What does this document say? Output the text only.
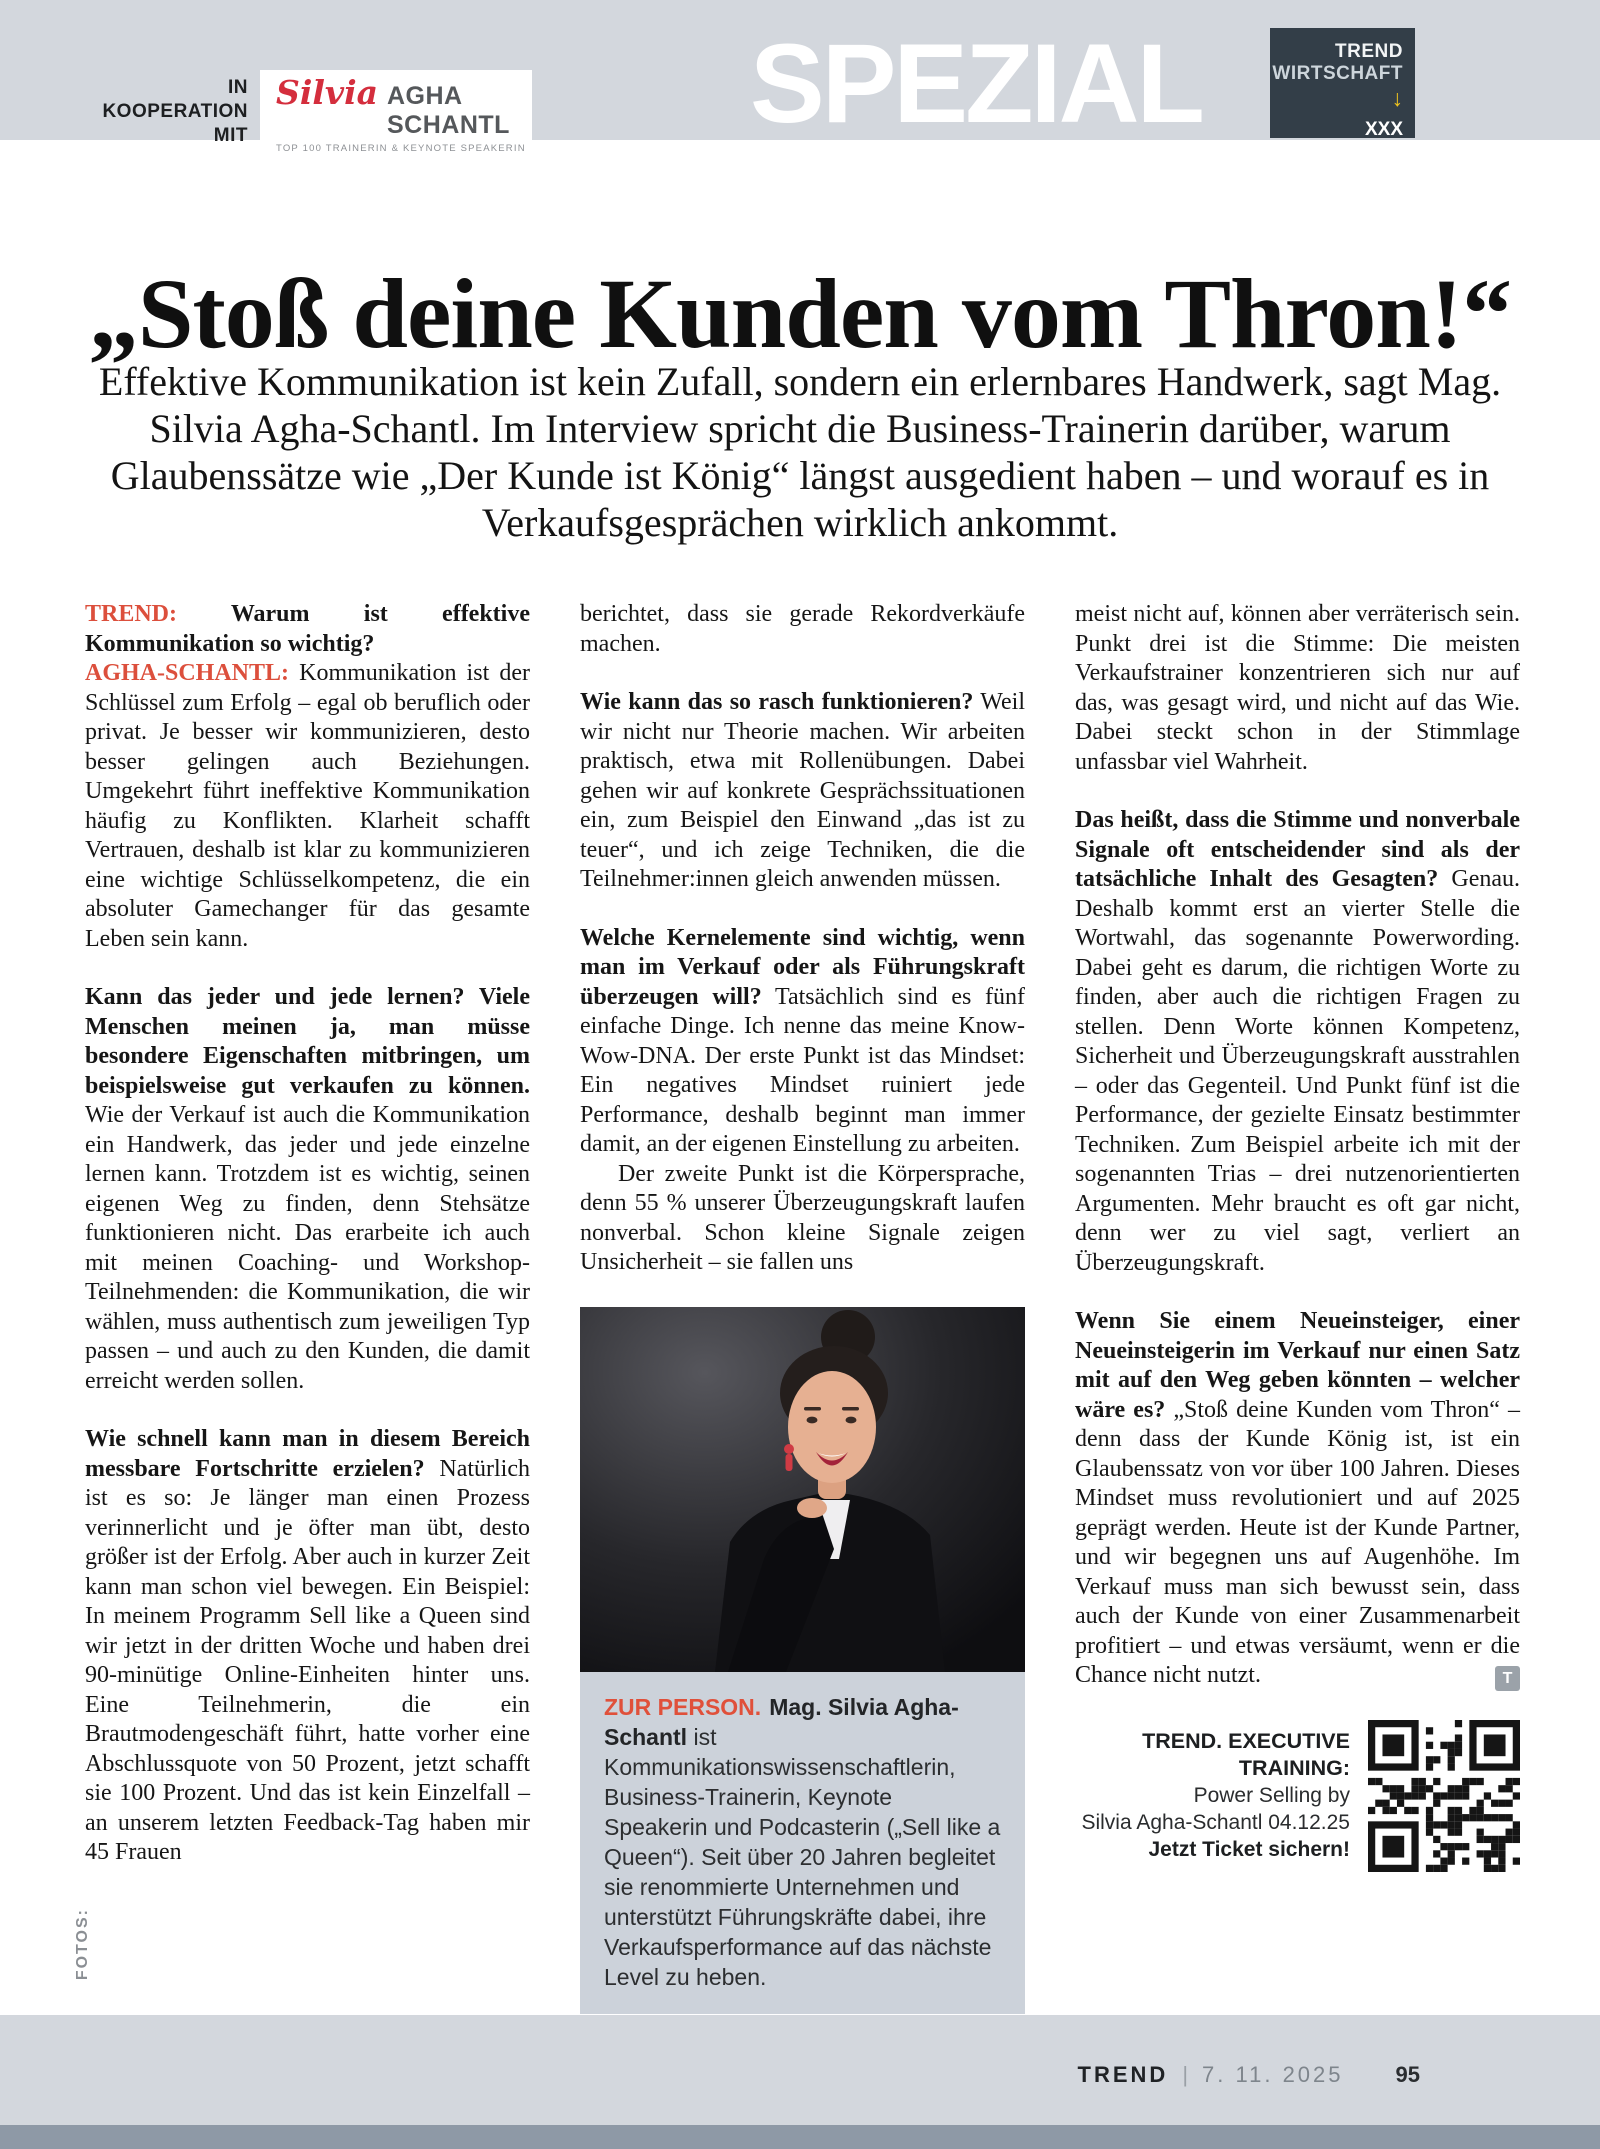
IN
KOOPERATION
MIT
Silvia AGHA SCHANTL
TOP 100 TRAINERIN & KEYNOTE SPEAKERIN
SPEZIAL	TREND
WIRTSCHAFT
↓
XXX
„Stoß deine Kunden vom Thron!“
Effektive Kommunikation ist kein Zufall, sondern ein erlernbares Handwerk, sagt Mag. Silvia Agha-Schantl. Im Interview spricht die Business-Trainerin darüber, warum Glaubenssätze wie „Der Kunde ist König“ längst ausgedient haben – und worauf es in Verkaufsgesprächen wirklich ankommt.

TREND: Warum ist effektive Kommunikation so wichtig?
AGHA-SCHANTL: Kommunikation ist der Schlüssel zum Erfolg – egal ob beruflich oder privat. Je besser wir kommunizieren, desto besser gelingen auch Beziehungen. Umgekehrt führt ineffektive Kommunikation häufig zu Konflikten. Klarheit schafft Vertrauen, deshalb ist klar zu kommunizieren eine wichtige Schlüsselkompetenz, die ein absoluter Gamechanger für das gesamte Leben sein kann.

Kann das jeder und jede lernen? Viele Menschen meinen ja, man müsse besondere Eigenschaften mitbringen, um beispielsweise gut verkaufen zu können. Wie der Verkauf ist auch die Kommunikation ein Handwerk, das jeder und jede einzelne lernen kann. Trotzdem ist es wichtig, seinen eigenen Weg zu finden, denn Stehsätze funktionieren nicht. Das erarbeite ich auch mit meinen Coaching- und Workshop-Teilnehmenden: die Kommunikation, die wir wählen, muss authentisch zum jeweiligen Typ passen – und auch zu den Kunden, die damit erreicht werden sollen.

Wie schnell kann man in diesem Bereich messbare Fortschritte erzielen? Natürlich ist es so: Je länger man einen Prozess verinnerlicht und je öfter man übt, desto größer ist der Erfolg. Aber auch in kurzer Zeit kann man schon viel bewegen. Ein Beispiel: In meinem Programm Sell like a Queen sind wir jetzt in der dritten Woche und haben drei 90-minütige Online-Einheiten hinter uns. Eine Teilnehmerin, die ein Brautmodengeschäft führt, hatte vorher eine Abschlussquote von 50 Prozent, jetzt schafft sie 100 Prozent. Und das ist kein Einzelfall – an unserem letzten Feedback-Tag haben mir 45 Frauen

berichtet, dass sie gerade Rekordverkäufe machen.

Wie kann das so rasch funktionieren? Weil wir nicht nur Theorie machen. Wir arbeiten praktisch, etwa mit Rollenübungen. Dabei gehen wir auf konkrete Gesprächssituationen ein, zum Beispiel den Einwand „das ist zu teuer“, und ich zeige Techniken, die die Teilnehmer:innen gleich anwenden müssen.

Welche Kernelemente sind wichtig, wenn man im Verkauf oder als Führungskraft überzeugen will? Tatsächlich sind es fünf einfache Dinge. Ich nenne das meine Know-Wow-DNA. Der erste Punkt ist das Mindset: Ein negatives Mindset ruiniert jede Performance, deshalb beginnt man immer damit, an der eigenen Einstellung zu arbeiten.

Der zweite Punkt ist die Körpersprache, denn 55 % unserer Überzeugungskraft laufen nonverbal. Schon kleine Signale zeigen Unsicherheit – sie fallen uns

ZUR PERSON. Mag. Silvia Agha-Schantl ist Kommunikationswissenschaftlerin, Business-Trainerin, Keynote Speakerin und Podcasterin („Sell like a Queen“). Seit über 20 Jahren begleitet sie renommierte Unternehmen und unterstützt Führungskräfte dabei, ihre Verkaufsperformance auf das nächste Level zu heben.

meist nicht auf, können aber verräterisch sein. Punkt drei ist die Stimme: Die meisten Verkaufstrainer konzentrieren sich nur auf das, was gesagt wird, und nicht auf das Wie. Dabei steckt schon in der Stimmlage unfassbar viel Wahrheit.

Das heißt, dass die Stimme und nonverbale Signale oft entscheidender sind als der tatsächliche Inhalt des Gesagten? Genau. Deshalb kommt erst an vierter Stelle die Wortwahl, das sogenannte Powerwording. Dabei geht es darum, die richtigen Worte zu finden, aber auch die richtigen Fragen zu stellen. Denn Worte können Kompetenz, Sicherheit und Überzeugungskraft ausstrahlen – oder das Gegenteil. Und Punkt fünf ist die Performance, der gezielte Einsatz bestimmter Techniken. Zum Beispiel arbeite ich mit der sogenannten Trias – drei nutzenorientierten Argumenten. Mehr braucht es oft gar nicht, denn wer zu viel sagt, verliert an Überzeugungskraft.

Wenn Sie einem Neueinsteiger, einer Neueinsteigerin im Verkauf nur einen Satz mit auf den Weg geben könnten – welcher wäre es? „Stoß deine Kunden vom Thron“ – denn dass der Kunde König ist, ist ein Glaubenssatz von vor über 100 Jahren. Dieses Mindset muss revolutioniert und auf 2025 geprägt werden. Heute ist der Kunde Partner, und wir begegnen uns auf Augenhöhe. Im Verkauf muss man sich bewusst sein, dass auch der Kunde von einer Zusammenarbeit profitiert – und etwas versäumt, wenn er die Chance nicht nutzt.	T

TREND. EXECUTIVE TRAINING:
Power Selling by
Silvia Agha-Schantl 04.12.25
Jetzt Ticket sichern!
FOTOS:
TREND | 7. 11. 2025 95
